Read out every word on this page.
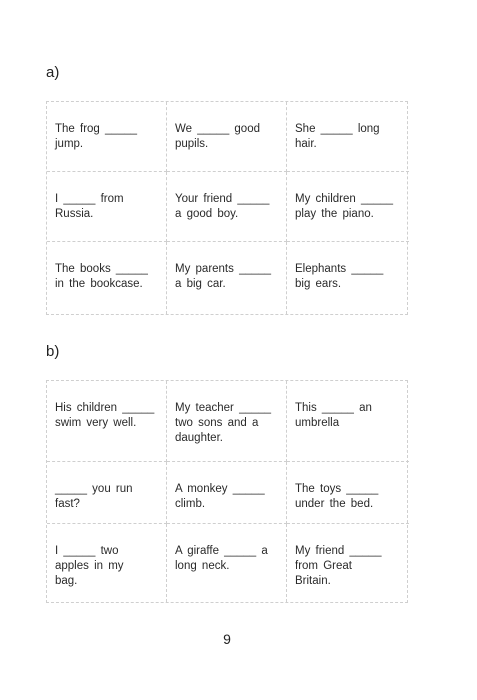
a)
The frog _____
jump.
We _____ good
pupils.
She _____ long
hair.
I _____ from
Russia.
Your friend _____
a good boy.
My children _____
play the piano.
The books _____
in the bookcase.
My parents _____
a big car.
Elephants _____
big ears.
b)
His children _____
swim very well.
My teacher _____
two sons and a
daughter.
This _____ an
umbrella
_____ you run
fast?
A monkey _____
climb.
The toys _____
under the bed.
I _____ two
apples in my
bag.
A giraffe _____ a
long neck.
My friend _____
from Great
Britain.
9
